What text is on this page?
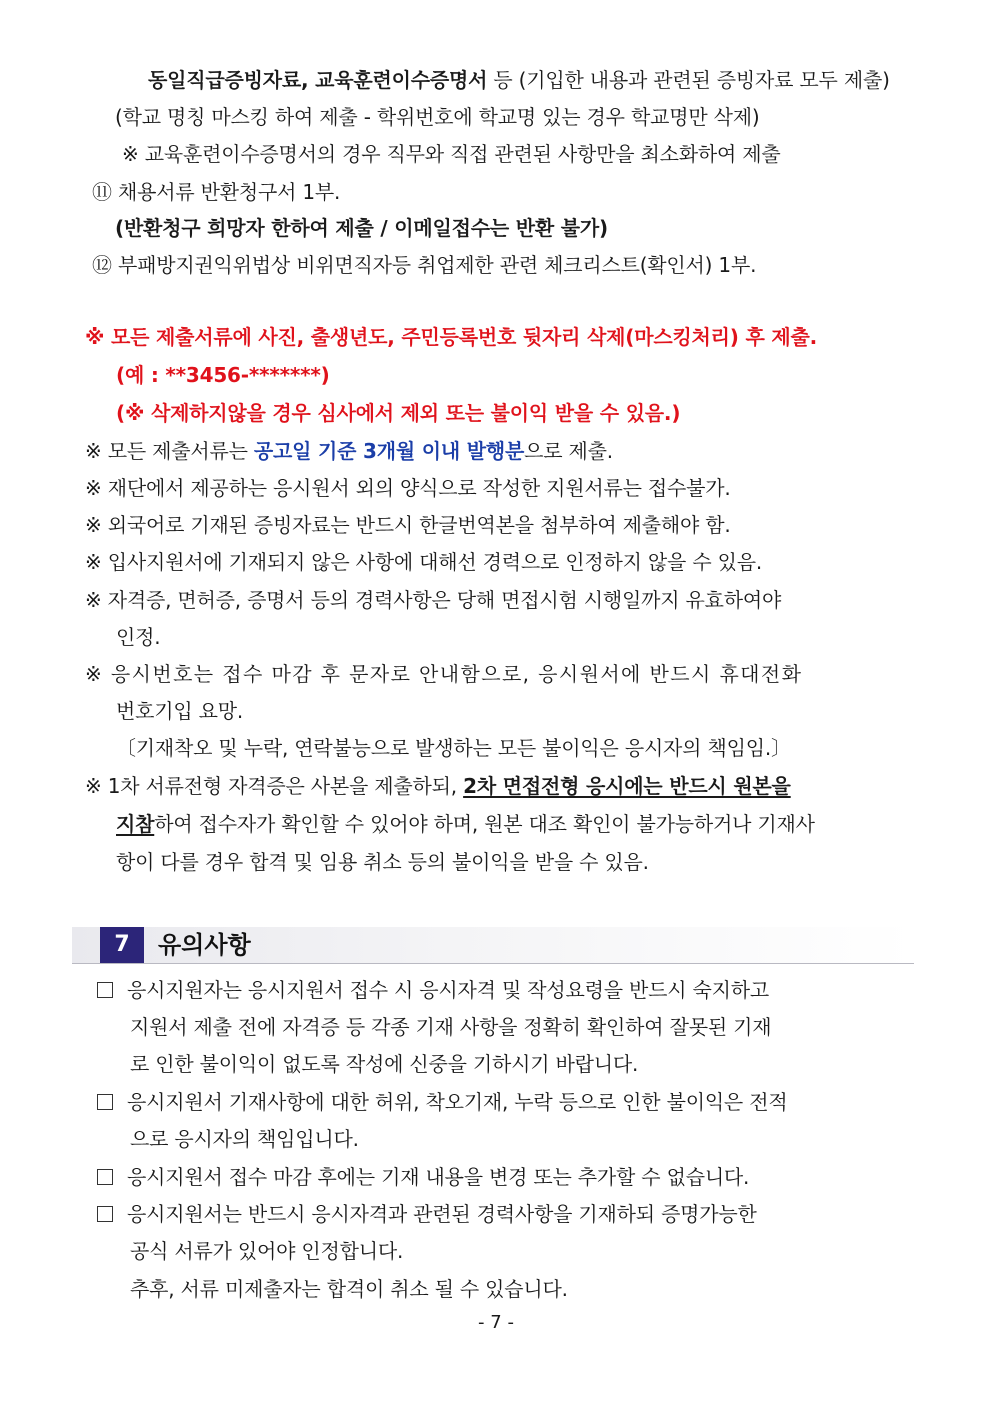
동일직급증빙자료, 교육훈련이수증명서 등 (기입한 내용과 관련된 증빙자료 모두 제출)
(학교 명칭 마스킹 하여 제출 - 학위번호에 학교명 있는 경우 학교명만 삭제)
※ 교육훈련이수증명서의 경우 직무와 직접 관련된 사항만을 최소화하여 제출
⑪ 채용서류 반환청구서 1부.
(반환청구 희망자 한하여 제출 / 이메일접수는 반환 불가)
⑫ 부패방지권익위법상 비위면직자등 취업제한 관련 체크리스트(확인서) 1부.
※ 모든 제출서류에 사진, 출생년도, 주민등록번호 뒷자리 삭제(마스킹처리) 후 제출.
(예 : **3456-*******)
(※ 삭제하지않을 경우 심사에서 제외 또는 불이익 받을 수 있음.)
※ 모든 제출서류는 공고일 기준 3개월 이내 발행분으로 제출.
※ 재단에서 제공하는 응시원서 외의 양식으로 작성한 지원서류는 접수불가.
※ 외국어로 기재된 증빙자료는 반드시 한글번역본을 첨부하여 제출해야 함.
※ 입사지원서에 기재되지 않은 사항에 대해선 경력으로 인정하지 않을 수 있음.
※ 자격증, 면허증, 증명서 등의 경력사항은 당해 면접시험 시행일까지 유효하여야
인정.
※ 응시번호는 접수 마감 후 문자로 안내함으로, 응시원서에 반드시 휴대전화
번호기입 요망.
〔기재착오 및 누락, 연락불능으로 발생하는 모든 불이익은 응시자의 책임임.〕
※ 1차 서류전형 자격증은 사본을 제출하되, 2차 면접전형 응시에는 반드시 원본을
지참하여 접수자가 확인할 수 있어야 하며, 원본 대조 확인이 불가능하거나 기재사
항이 다를 경우 합격 및 임용 취소 등의 불이익을 받을 수 있음.
7	유의사항
응시지원자는 응시지원서 접수 시 응시자격 및 작성요령을 반드시 숙지하고
지원서 제출 전에 자격증 등 각종 기재 사항을 정확히 확인하여 잘못된 기재
로 인한 불이익이 없도록 작성에 신중을 기하시기 바랍니다.
응시지원서 기재사항에 대한 허위, 착오기재, 누락 등으로 인한 불이익은 전적
으로 응시자의 책임입니다.
응시지원서 접수 마감 후에는 기재 내용을 변경 또는 추가할 수 없습니다.
응시지원서는 반드시 응시자격과 관련된 경력사항을 기재하되 증명가능한
공식 서류가 있어야 인정합니다.
추후, 서류 미제출자는 합격이 취소 될 수 있습니다.
- 7 -
